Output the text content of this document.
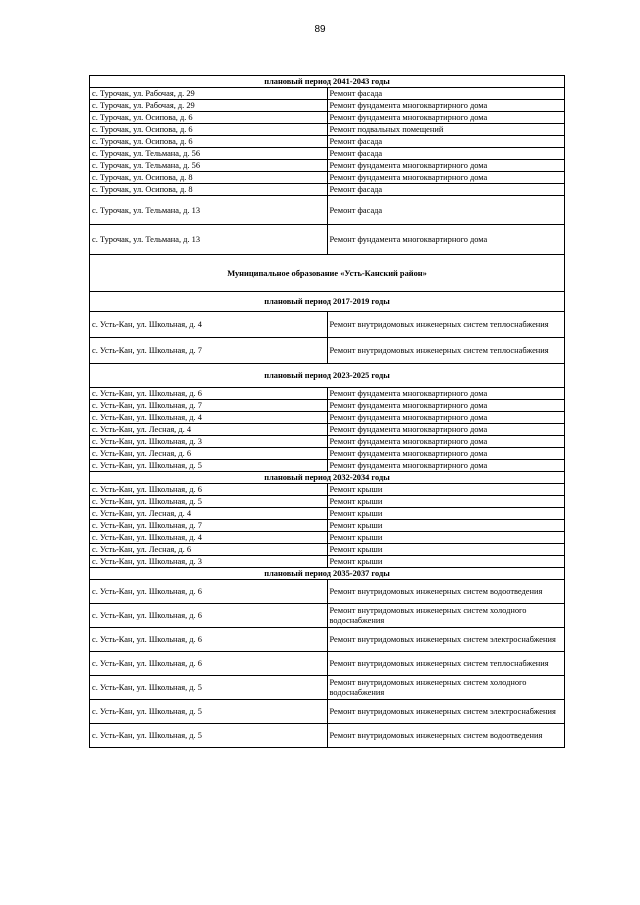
89
плановый период 2041-2043 годы	
с. Турочак, ул. Рабочая, д. 29	Ремонт фасада
с. Турочак, ул. Рабочая, д. 29	Ремонт фундамента многоквартирного дома
с. Турочак, ул. Осипова, д. 6	Ремонт фундамента многоквартирного дома
с. Турочак, ул. Осипова, д. 6	Ремонт подвальных помещений
с. Турочак, ул. Осипова, д. 6	Ремонт фасада
с. Турочак, ул. Тельмана, д. 56	Ремонт фасада
с. Турочак, ул. Тельмана, д. 56	Ремонт фундамента многоквартирного дома
с. Турочак, ул. Осипова, д. 8	Ремонт фундамента многоквартирного дома
с. Турочак, ул. Осипова, д. 8	Ремонт фасада
с. Турочак, ул. Тельмана, д. 13	Ремонт фасада
с. Турочак, ул. Тельмана, д. 13	Ремонт фундамента многоквартирного дома
Муниципальное образование «Усть-Канский район»	
плановый период 2017-2019 годы	
с. Усть-Кан, ул. Школьная, д. 4	Ремонт внутридомовых инженерных систем теплоснабжения
с. Усть-Кан, ул. Школьная, д. 7	Ремонт внутридомовых инженерных систем теплоснабжения
плановый период 2023-2025 годы	
с. Усть-Кан, ул. Школьная, д. 6	Ремонт фундамента многоквартирного дома
с. Усть-Кан, ул. Школьная, д. 7	Ремонт фундамента многоквартирного дома
с. Усть-Кан, ул. Школьная, д. 4	Ремонт фундамента многоквартирного дома
с. Усть-Кан, ул. Лесная, д. 4	Ремонт фундамента многоквартирного дома
с. Усть-Кан, ул. Школьная, д. 3	Ремонт фундамента многоквартирного дома
с. Усть-Кан, ул. Лесная, д. 6	Ремонт фундамента многоквартирного дома
с. Усть-Кан, ул. Школьная, д. 5	Ремонт фундамента многоквартирного дома
плановый период 2032-2034 годы	
с. Усть-Кан, ул. Школьная, д. 6	Ремонт крыши
с. Усть-Кан, ул. Школьная, д. 5	Ремонт крыши
с. Усть-Кан, ул. Лесная, д. 4	Ремонт крыши
с. Усть-Кан, ул. Школьная, д. 7	Ремонт крыши
с. Усть-Кан, ул. Школьная, д. 4	Ремонт крыши
с. Усть-Кан, ул. Лесная, д. 6	Ремонт крыши
с. Усть-Кан, ул. Школьная, д. 3	Ремонт крыши
плановый период 2035-2037 годы	
с. Усть-Кан, ул. Школьная, д. 6	Ремонт внутридомовых инженерных систем водоотведения
с. Усть-Кан, ул. Школьная, д. 6	Ремонт внутридомовых инженерных систем холодного водоснабжения
с. Усть-Кан, ул. Школьная, д. 6	Ремонт внутридомовых инженерных систем электроснабжения
с. Усть-Кан, ул. Школьная, д. 6	Ремонт внутридомовых инженерных систем теплоснабжения
с. Усть-Кан, ул. Школьная, д. 5	Ремонт внутридомовых инженерных систем холодного водоснабжения
с. Усть-Кан, ул. Школьная, д. 5	Ремонт внутридомовых инженерных систем электроснабжения
с. Усть-Кан, ул. Школьная, д. 5	Ремонт внутридомовых инженерных систем водоотведения
